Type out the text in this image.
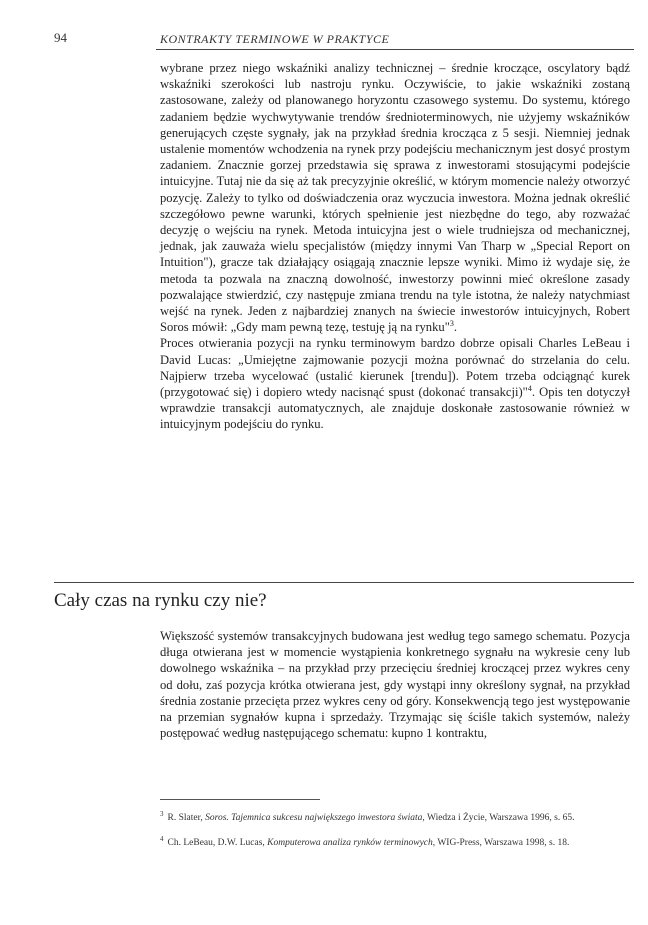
94	KONTRAKTY TERMINOWE W PRAKTYCE

wybrane przez niego wskaźniki analizy technicznej – średnie kroczące, oscylatory bądź wskaźniki szerokości lub nastroju rynku. Oczywiście, to jakie wskaźniki zostaną zastosowane, zależy od planowanego horyzontu czasowego systemu. Do systemu, którego zadaniem będzie wychwytywanie trendów średnioterminowych, nie użyjemy wskaźników generujących częste sygnały, jak na przykład średnia krocząca z 5 sesji. Niemniej jednak ustalenie momentów wchodzenia na rynek przy podejściu mechanicznym jest dosyć prostym zadaniem. Znacznie gorzej przedstawia się sprawa z inwestorami stosującymi podejście intuicyjne. Tutaj nie da się aż tak precyzyjnie określić, w którym momencie należy otworzyć pozycję. Zależy to tylko od doświadczenia oraz wyczucia inwestora. Można jednak określić szczegółowo pewne warunki, których spełnienie jest niezbędne do tego, aby rozważać decyzję o wejściu na rynek. Metoda intuicyjna jest o wiele trudniejsza od mechanicznej, jednak, jak zauważa wielu specjalistów (między innymi Van Tharp w „Special Report on Intuition"), gracze tak działający osiągają znacznie lepsze wyniki. Mimo iż wydaje się, że metoda ta pozwala na znaczną dowolność, inwestorzy powinni mieć określone zasady pozwalające stwierdzić, czy następuje zmiana trendu na tyle istotna, że należy natychmiast wejść na rynek. Jeden z najbardziej znanych na świecie inwestorów intuicyjnych, Robert Soros mówił: „Gdy mam pewną tezę, testuję ją na rynku"$^3$.

Proces otwierania pozycji na rynku terminowym bardzo dobrze opisali Charles LeBeau i David Lucas: „Umiejętne zajmowanie pozycji można porównać do strzelania do celu. Najpierw trzeba wycelować (ustalić kierunek [trendu]). Potem trzeba odciągnąć kurek (przygotować się) i dopiero wtedy nacisnąć spust (dokonać transakcji)"$^4$. Opis ten dotyczył wprawdzie transakcji automatycznych, ale znajduje doskonałe zastosowanie również w intuicyjnym podejściu do rynku.

Cały czas na rynku czy nie?

Większość systemów transakcyjnych budowana jest według tego samego schematu. Pozycja długa otwierana jest w momencie wystąpienia konkretnego sygnału na wykresie ceny lub dowolnego wskaźnika – na przykład przy przecięciu średniej kroczącej przez wykres ceny od dołu, zaś pozycja krótka otwierana jest, gdy wystąpi inny określony sygnał, na przykład średnia zostanie przecięta przez wykres ceny od góry. Konsekwencją tego jest występowanie na przemian sygnałów kupna i sprzedaży. Trzymając się ściśle takich systemów, należy postępować według następującego schematu: kupno 1 kontraktu,

$^3$ R. Slater, Soros. Tajemnica sukcesu największego inwestora świata, Wiedza i Życie, Warszawa 1996, s. 65.

$^4$ Ch. LeBeau, D.W. Lucas, Komputerowa analiza rynków terminowych, WIG-Press, Warszawa 1998, s. 18.
